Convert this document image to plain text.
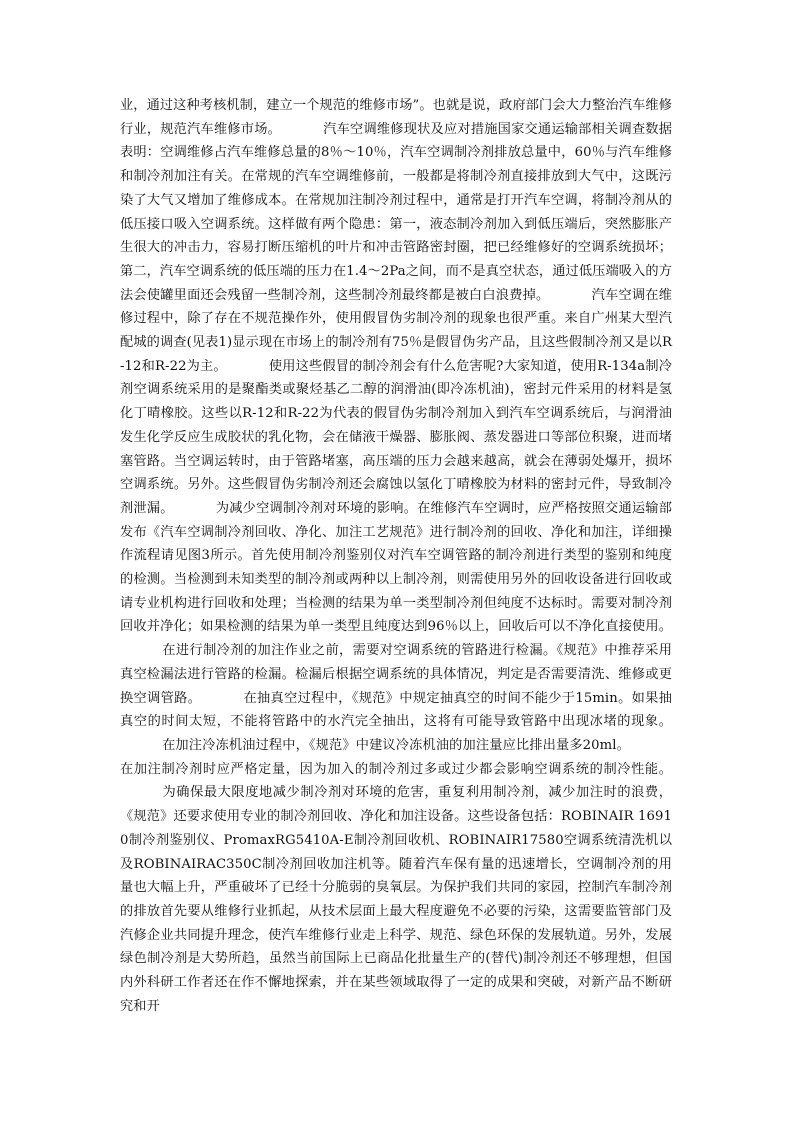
业，通过这种考核机制，建立一个规范的维修市场”。也就是说，政府部门会大力整治汽车维修行业，规范汽车维修市场。	汽车空调维修现状及应对措施国家交通运输部相关调查数据表明：空调维修占汽车维修总量的8％～10％，汽车空调制冷剂排放总量中，60％与汽车维修和制冷剂加注有关。在常规的汽车空调维修前，一般都是将制冷剂直接排放到大气中，这既污染了大气又增加了维修成本。在常规加注制冷剂过程中，通常是打开汽车空调，将制冷剂从的低压接口吸入空调系统。这样做有两个隐患：第一，液态制冷剂加入到低压端后，突然膨胀产生很大的冲击力，容易打断压缩机的叶片和冲击管路密封圈，把已经维修好的空调系统损坏；第二，汽车空调系统的低压端的压力在1.4～2Pa之间，而不是真空状态，通过低压端吸入的方法会使罐里面还会残留一些制冷剂，这些制冷剂最终都是被白白浪费掉。	汽车空调在维修过程中，除了存在不规范操作外，使用假冒伪劣制冷剂的现象也很严重。来自广州某大型汽配城的调查(见表1)显示现在市场上的制冷剂有75％是假冒伪劣产品，且这些假制冷剂又是以R-12和R-22为主。	使用这些假冒的制冷剂会有什么危害呢?大家知道，使用R-134a制冷剂空调系统采用的是聚酯类或聚烃基乙二醇的润滑油(即冷冻机油)，密封元件采用的材料是氢化丁晴橡胶。这些以R-12和R-22为代表的假冒伪劣制冷剂加入到汽车空调系统后，与润滑油发生化学反应生成胶状的乳化物，会在储液干燥器、膨胀阀、蒸发器进口等部位积聚，进而堵塞管路。当空调运转时，由于管路堵塞，高压端的压力会越来越高，就会在薄弱处爆开，损坏空调系统。另外。这些假冒伪劣制冷剂还会腐蚀以氢化丁晴橡胶为材料的密封元件，导致制冷剂泄漏。	为减少空调制冷剂对环境的影响。在维修汽车空调时，应严格按照交通运输部发布《汽车空调制冷剂回收、净化、加注工艺规范》进行制冷剂的回收、净化和加注，详细操作流程请见图3所示。首先使用制冷剂鉴别仪对汽车空调管路的制冷剂进行类型的鉴别和纯度的检测。当检测到未知类型的制冷剂或两种以上制冷剂，则需使用另外的回收设备进行回收或请专业机构进行回收和处理；当检测的结果为单一类型制冷剂但纯度不达标时。需要对制冷剂回收并净化；如果检测的结果为单一类型且纯度达到96％以上，回收后可以不净化直接使用。在进行制冷剂的加注作业之前，需要对空调系统的管路进行检漏。《规范》中推荐采用真空检漏法进行管路的检漏。检漏后根据空调系统的具体情况，判定是否需要清洗、维修或更换空调管路。	在抽真空过程中，《规范》中规定抽真空的时间不能少于15min。如果抽真空的时间太短，不能将管路中的水汽完全抽出，这将有可能导致管路中出现冰堵的现象。在加注冷冻机油过程中，《规范》中建议冷冻机油的加注量应比排出量多20ml。在加注制冷剂时应严格定量，因为加入的制冷剂过多或过少都会影响空调系统的制冷性能。为确保最大限度地减少制冷剂对环境的危害，重复利用制冷剂，减少加注时的浪费，《规范》还要求使用专业的制冷剂回收、净化和加注设备。这些设备包括：ROBINAIR 16910制冷剂鉴别仪、PromaxRG5410A-E制冷剂回收机、ROBINAIR17580空调系统清洗机以及ROBINAIRAC350C制冷剂回收加注机等。随着汽车保有量的迅速增长，空调制冷剂的用量也大幅上升，严重破坏了已经十分脆弱的臭氧层。为保护我们共同的家园，控制汽车制冷剂的排放首先要从维修行业抓起，从技术层面上最大程度避免不必要的污染，这需要监管部门及汽修企业共同提升理念，使汽车维修行业走上科学、规范、绿色环保的发展轨道。另外，发展绿色制冷剂是大势所趋，虽然当前国际上已商品化批量生产的(替代)制冷剂还不够理想，但国内外科研工作者还在作不懈地探索，并在某些领域取得了一定的成果和突破，对新产品不断研究和开
